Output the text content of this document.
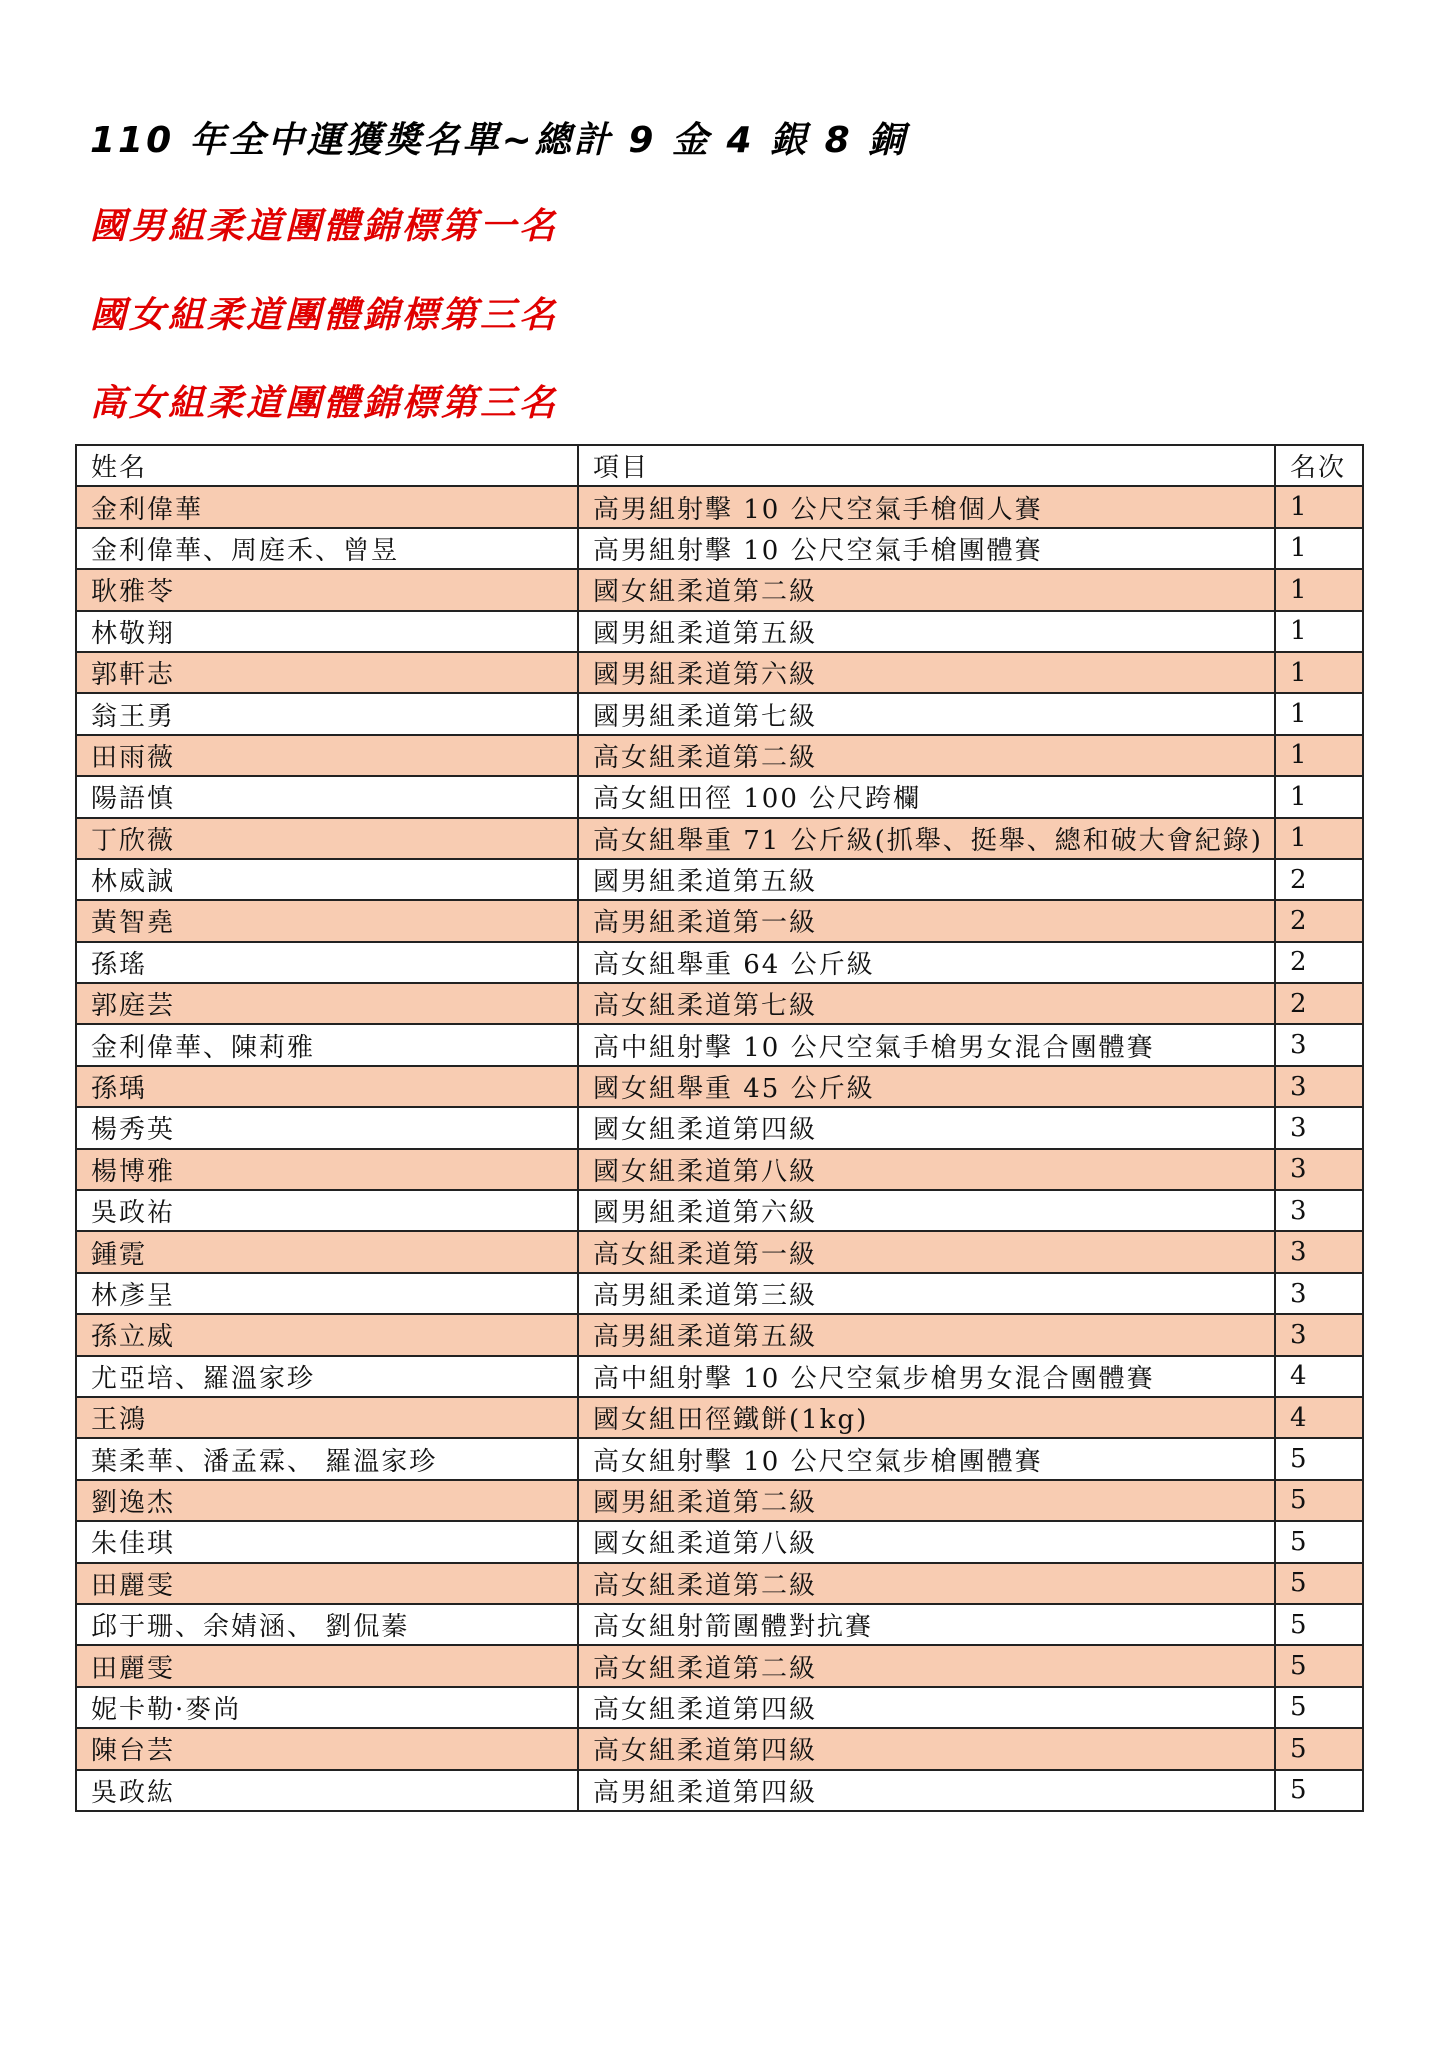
110 年全中運獲獎名單~總計 9 金 4 銀 8 銅
國男組柔道團體錦標第一名
國女組柔道團體錦標第三名
高女組柔道團體錦標第三名
姓名	項目	名次
金利偉華	高男組射擊 10 公尺空氣手槍個人賽	1
金利偉華、周庭禾、曾昱	高男組射擊 10 公尺空氣手槍團體賽	1
耿雅苓	國女組柔道第二級	1
林敬翔	國男組柔道第五級	1
郭軒志	國男組柔道第六級	1
翁王勇	國男組柔道第七級	1
田雨薇	高女組柔道第二級	1
陽語慎	高女組田徑 100 公尺跨欄	1
丁欣薇	高女組舉重 71 公斤級(抓舉、挺舉、總和破大會紀錄)	1
林威誠	國男組柔道第五級	2
黃智堯	高男組柔道第一級	2
孫瑤	高女組舉重 64 公斤級	2
郭庭芸	高女組柔道第七級	2
金利偉華、陳莉雅	高中組射擊 10 公尺空氣手槍男女混合團體賽	3
孫瑀	國女組舉重 45 公斤級	3
楊秀英	國女組柔道第四級	3
楊博雅	國女組柔道第八級	3
吳政祐	國男組柔道第六級	3
鍾霓	高女組柔道第一級	3
林彥呈	高男組柔道第三級	3
孫立威	高男組柔道第五級	3
尤亞培、羅溫家珍	高中組射擊 10 公尺空氣步槍男女混合團體賽	4
王鴻	國女組田徑鐵餅(1kg)	4
葉柔華、潘孟霖、 羅溫家珍	高女組射擊 10 公尺空氣步槍團體賽	5
劉逸杰	國男組柔道第二級	5
朱佳琪	國女組柔道第八級	5
田麗雯	高女組柔道第二級	5
邱于珊、余婧涵、 劉侃蓁	高女組射箭團體對抗賽	5
田麗雯	高女組柔道第二級	5
妮卡勒·麥尚	高女組柔道第四級	5
陳台芸	高女組柔道第四級	5
吳政紘	高男組柔道第四級	5
